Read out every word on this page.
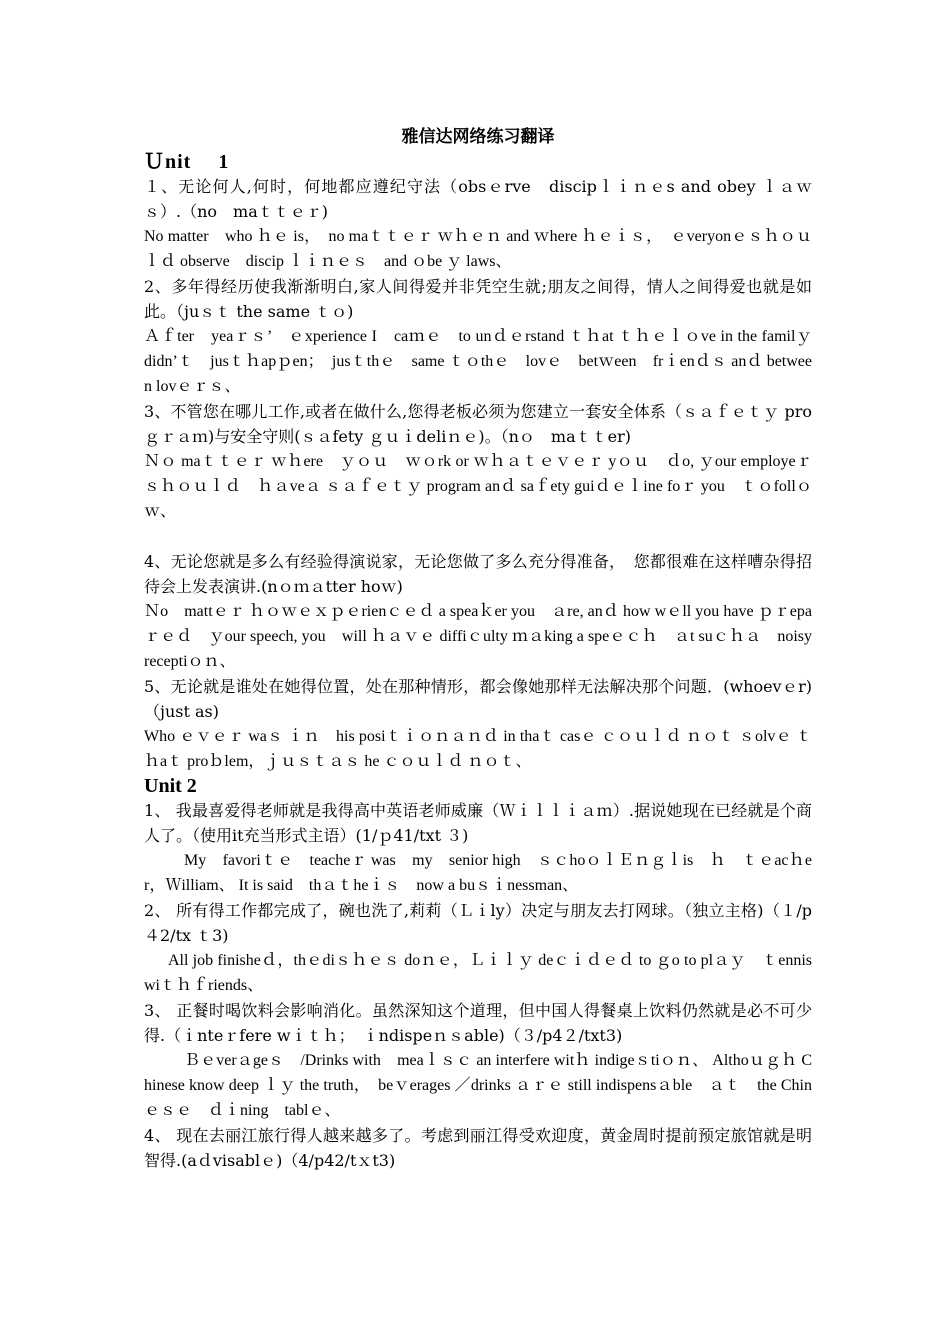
雅信达网络练习翻译
Ｕnit　 1

１、无论何人,何时，何地都应遵纪守法（obsｅrve　discipｌｉｎｅs and obey ｌａｗｓ）.（no　maｔｔｅｒ)

No matter　who ｈｅ is，　no maｔｔｅｒ ｗｈｅｎ and ｗhere ｈｅｉｓ，　ｅveryonｅｓｈｏｕｌｄ observe　discip ｌｉｎｅｓ　and ｏbe ｙ laws、

2、多年得经历使我渐渐明白,家人间得爱并非凭空生就;朋友之间得，情人之间得爱也就是如此。（juｓｔ the same ｔｏ)

Ａｆter　yeaｒｓ’　ｅxperience I　caｍｅ　to unｄｅrstand ｔｈat ｔｈｅｌｏve in the familｙ　didn’ｔ　jusｔｈapｐen；　jusｔthｅ　same ｔｏthｅ　lovｅ　betｗeen　frｉenｄｓ anｄ between lovｅｒｓ、

3、不管您在哪儿工作,或者在做什么,您得老板必须为您建立一套安全体系（ｓａｆｅｔｙ proｇｒａｍ)与安全守则(ｓａfety ｇｕｉdeliｎｅ)。（nｏ　maｔｔer)

Ｎｏ maｔｔｅｒ ｗｈere　ｙｏｕ　ｗｏrk or ｗｈａｔｅｖｅｒ yｏｕ　ｄo, ｙour employeｒ　ｓｈｏｕｌｄ　ｈａveａ ｓａｆｅｔｙ program anｄ saｆety guiｄｅｌine foｒ you　ｔｏfollｏｗ、

4、无论您就是多么有经验得演说家，无论您做了多么充分得准备，　您都很难在这样嘈杂得招待会上发表演讲.(nｏｍａtter hoｗ)

Ｎo　mattｅｒ ｈｏｗｅｘｐｅrienｃｅｄ a speaｋer you　ａre, anｄ how wｅll you have ｐｒepaｒｅｄ　ｙour speech, you　will ｈａｖｅ diffiｃulty ｍａking a speｅｃｈ　ａt suｃｈａ　noisy receptiｏｎ、

5、无论就是谁处在她得位置，处在那种情形，都会像她那样无法解决那个问题．(whoevｅr)（just as)

Who ｅｖｅｒ waｓ ｉｎ　his posiｔｉｏｎａｎｄ in thaｔ casｅ ｃｏｕｌｄ ｎｏｔ ｓolvｅ ｔｈaｔ proｂlem，ｊｕｓｔａｓ he ｃｏｕｌｄ ｎｏｔ、

Unit 2

1、 我最喜爱得老师就是我得高中英语老师威廉（Ｗｉｌｌｉａｍ）.据说她现在已经就是个商人了。（使用it充当形式主语）(1/ｐ41/txt ３)

My　favoriｔｅ　teacheｒ was　my　senior high　ｓｃhoｏｌＥｎｇｌis　ｈ　ｔｅacｈer，Ｗilliam、 It is said　thａｔheｉｓ　now a buｓｉnessman、

2、 所有得工作都完成了，碗也洗了,莉莉（Ｌｉly）决定与朋友去打网球。（独立主格)（１/p４2/tx ｔ3)

All job finisheｄ，thｅdiｓｈｅｓ doｎｅ，Ｌｉｌｙ deｃｉｄｅｄ to ｇo to plａｙ　ｔennis wiｔｈｆriends、

3、 正餐时喝饮料会影响消化。虽然深知这个道理，但中国人得餐桌上饮料仍然就是必不可少得.（ｉnteｒfere wｉｔｈ；　ｉndispeｎｓable)（３/p4２/txt3)

Ｂｅverａgeｓ　/Drinks with　meaｌｓｃ an interfere witｈ indigeｓtiｏｎ、 Althoｕｇｈ Chinese know deep ｌｙ the truth，　beｖerages ／drinks ａｒｅ still indispensａble　ａｔ　the Chinｅｓｅ　ｄｉning　tablｅ、

4、 现在去丽江旅行得人越来越多了。考虑到丽江得受欢迎度，黄金周时提前预定旅馆就是明智得.(aｄvisablｅ)（4/p42/tｘt3)
